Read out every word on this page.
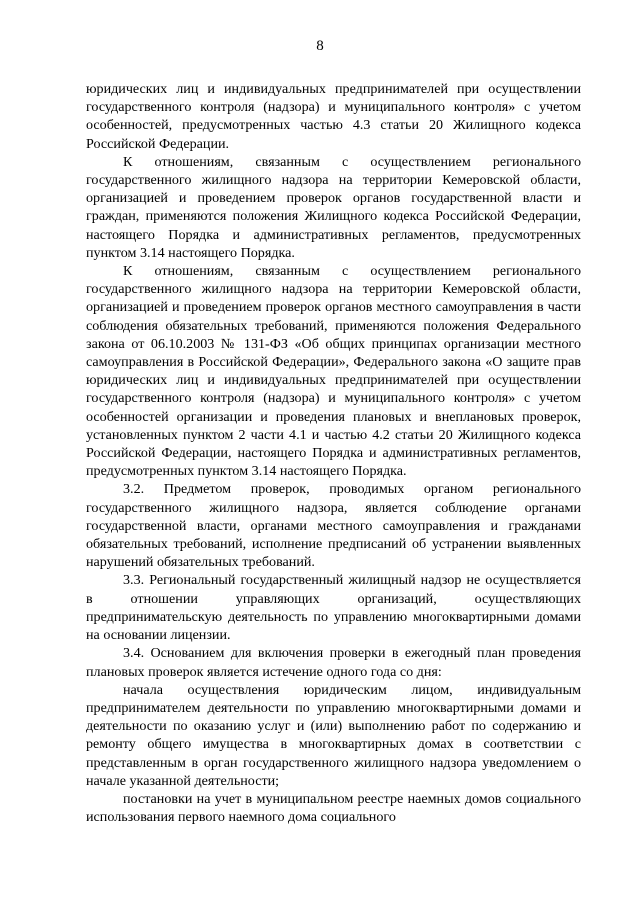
8

юридических лиц и индивидуальных предпринимателей при осуществлении государственного контроля (надзора) и муниципального контроля» с учетом особенностей, предусмотренных частью 4.3 статьи 20 Жилищного кодекса Российской Федерации.

К отношениям, связанным с осуществлением регионального государственного жилищного надзора на территории Кемеровской области, организацией и проведением проверок органов государственной власти и граждан, применяются положения Жилищного кодекса Российской Федерации, настоящего Порядка и административных регламентов, предусмотренных пунктом 3.14 настоящего Порядка.

К отношениям, связанным с осуществлением регионального государственного жилищного надзора на территории Кемеровской области, организацией и проведением проверок органов местного самоуправления в части соблюдения обязательных требований, применяются положения Федерального закона от 06.10.2003 № 131-ФЗ «Об общих принципах организации местного самоуправления в Российской Федерации», Федерального закона «О защите прав юридических лиц и индивидуальных предпринимателей при осуществлении государственного контроля (надзора) и муниципального контроля» с учетом особенностей организации и проведения плановых и внеплановых проверок, установленных пунктом 2 части 4.1 и частью 4.2 статьи 20 Жилищного кодекса Российской Федерации, настоящего Порядка и административных регламентов, предусмотренных пунктом 3.14 настоящего Порядка.

3.2. Предметом проверок, проводимых органом регионального государственного жилищного надзора, является соблюдение органами государственной власти, органами местного самоуправления и гражданами обязательных требований, исполнение предписаний об устранении выявленных нарушений обязательных требований.

3.3. Региональный государственный жилищный надзор не осуществляется в отношении управляющих организаций, осуществляющих предпринимательскую деятельность по управлению многоквартирными домами на основании лицензии.

3.4. Основанием для включения проверки в ежегодный план проведения плановых проверок является истечение одного года со дня:

начала осуществления юридическим лицом, индивидуальным предпринимателем деятельности по управлению многоквартирными домами и деятельности по оказанию услуг и (или) выполнению работ по содержанию и ремонту общего имущества в многоквартирных домах в соответствии с представленным в орган государственного жилищного надзора уведомлением о начале указанной деятельности;

постановки на учет в муниципальном реестре наемных домов социального использования первого наемного дома социального
